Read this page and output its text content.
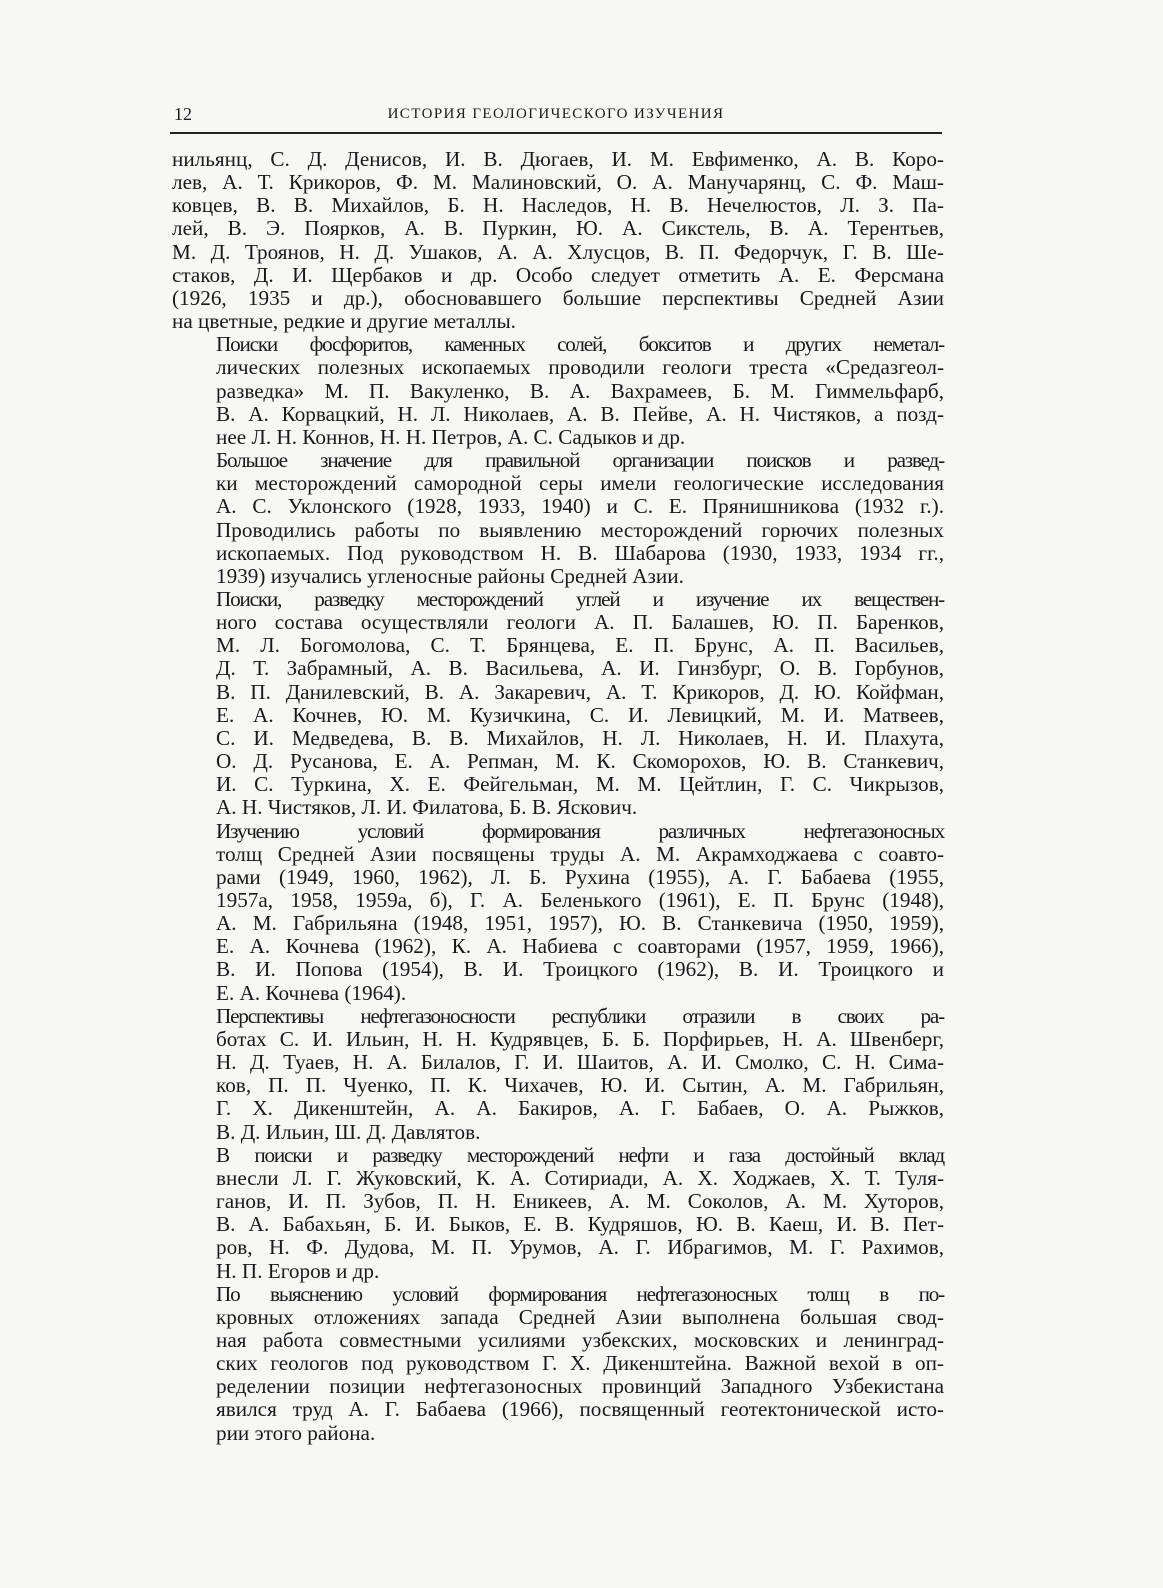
12	ИСТОРИЯ ГЕОЛОГИЧЕСКОГО ИЗУЧЕНИЯ
нильянц, С. Д. Денисов, И. В. Дюгаев, И. М. Евфименко, А. В. Коро-
лев, А. Т. Крикоров, Ф. М. Малиновский, О. А. Манучарянц, С. Ф. Маш-
ковцев, В. В. Михайлов, Б. Н. Наследов, Н. В. Нечелюстов, Л. З. Па-
лей, В. Э. Поярков, А. В. Пуркин, Ю. А. Сикстель, В. А. Терентьев,
М. Д. Троянов, Н. Д. Ушаков, А. А. Хлусцов, В. П. Федорчук, Г. В. Ше-
стаков, Д. И. Щербаков и др. Особо следует отметить А. Е. Ферсмана
(1926, 1935 и др.), обосновавшего большие перспективы Средней Азии
на цветные, редкие и другие металлы.
Поиски фосфоритов, каменных солей, бокситов и других неметал-
лических полезных ископаемых проводили геологи треста «Средазгеол-
разведка» М. П. Вакуленко, В. А. Вахрамеев, Б. М. Гиммельфарб,
В. А. Корвацкий, Н. Л. Николаев, А. В. Пейве, А. Н. Чистяков, а позд-
нее Л. Н. Коннов, Н. Н. Петров, А. С. Садыков и др.
Большое значение для правильной организации поисков и развед-
ки месторождений самородной серы имели геологические исследования
А. С. Уклонского (1928, 1933, 1940) и С. Е. Прянишникова (1932 г.).
Проводились работы по выявлению месторождений горючих полезных
ископаемых. Под руководством Н. В. Шабарова (1930, 1933, 1934 гг.,
1939) изучались угленосные районы Средней Азии.
Поиски, разведку месторождений углей и изучение их веществен-
ного состава осуществляли геологи А. П. Балашев, Ю. П. Баренков,
М. Л. Богомолова, С. Т. Брянцева, Е. П. Брунс, А. П. Васильев,
Д. Т. Забрамный, А. В. Васильева, А. И. Гинзбург, О. В. Горбунов,
В. П. Данилевский, В. А. Закаревич, А. Т. Крикоров, Д. Ю. Койфман,
Е. А. Кочнев, Ю. М. Кузичкина, С. И. Левицкий, М. И. Матвеев,
С. И. Медведева, В. В. Михайлов, Н. Л. Николаев, Н. И. Плахута,
О. Д. Русанова, Е. А. Репман, М. К. Скоморохов, Ю. В. Станкевич,
И. С. Туркина, Х. Е. Фейгельман, М. М. Цейтлин, Г. С. Чикрызов,
А. Н. Чистяков, Л. И. Филатова, Б. В. Яскович.
Изучению условий формирования различных нефтегазоносных
толщ Средней Азии посвящены труды А. М. Акрамходжаева с соавто-
рами (1949, 1960, 1962), Л. Б. Рухина (1955), А. Г. Бабаева (1955,
1957а, 1958, 1959а, б), Г. А. Беленького (1961), Е. П. Брунс (1948),
А. М. Габрильяна (1948, 1951, 1957), Ю. В. Станкевича (1950, 1959),
Е. А. Кочнева (1962), К. А. Набиева с соавторами (1957, 1959, 1966),
В. И. Попова (1954), В. И. Троицкого (1962), В. И. Троицкого и
Е. А. Кочнева (1964).
Перспективы нефтегазоносности республики отразили в своих ра-
ботах С. И. Ильин, Н. Н. Кудрявцев, Б. Б. Порфирьев, Н. А. Швенберг,
Н. Д. Туаев, Н. А. Билалов, Г. И. Шаитов, А. И. Смолко, С. Н. Сима-
ков, П. П. Чуенко, П. К. Чихачев, Ю. И. Сытин, А. М. Габрильян,
Г. Х. Дикенштейн, А. А. Бакиров, А. Г. Бабаев, О. А. Рыжков,
В. Д. Ильин, Ш. Д. Давлятов.
В поиски и разведку месторождений нефти и газа достойный вклад
внесли Л. Г. Жуковский, К. А. Сотириади, А. Х. Ходжаев, Х. Т. Туля-
ганов, И. П. Зубов, П. Н. Еникеев, А. М. Соколов, А. М. Хуторов,
В. А. Бабахьян, Б. И. Быков, Е. В. Кудряшов, Ю. В. Каеш, И. В. Пет-
ров, Н. Ф. Дудова, М. П. Урумов, А. Г. Ибрагимов, М. Г. Рахимов,
Н. П. Егоров и др.
По выяснению условий формирования нефтегазоносных толщ в по-
кровных отложениях запада Средней Азии выполнена большая свод-
ная работа совместными усилиями узбекских, московских и ленинград-
ских геологов под руководством Г. Х. Дикенштейна. Важной вехой в оп-
ределении позиции нефтегазоносных провинций Западного Узбекистана
явился труд А. Г. Бабаева (1966), посвященный геотектонической исто-
рии этого района.
